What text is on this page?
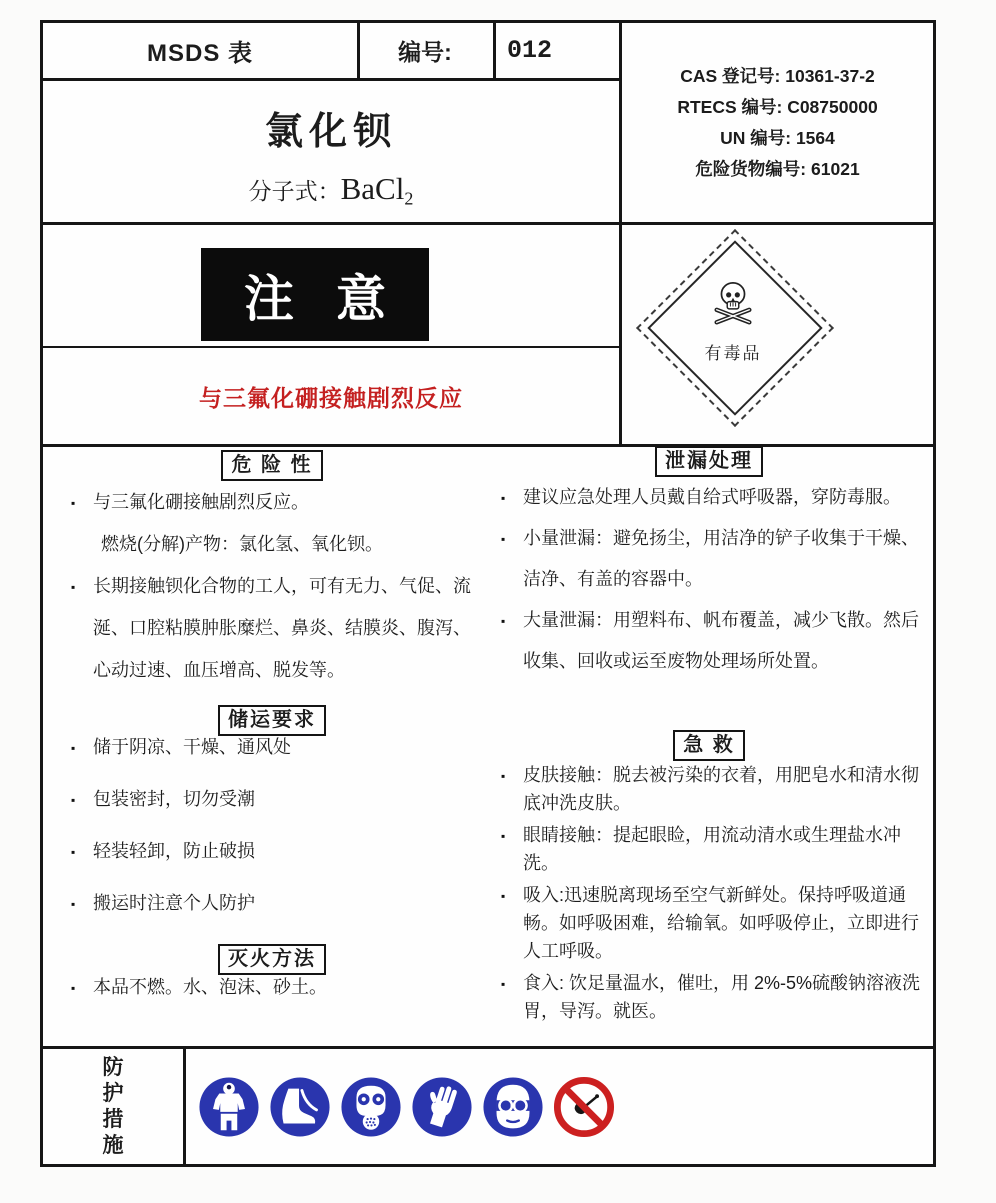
MSDS 表	编号:	012
CAS 登记号: 10361-37-2
RTECS 编号: C08750000
UN 编号: 1564
危险货物编号: 61021
氯化钡
分子式：BaCl$_2$
注 意
与三氟化硼接触剧烈反应
有毒品
危 险 性
▪ 与三氟化硼接触剧烈反应。
燃烧(分解)产物：氯化氢、氧化钡。
▪ 长期接触钡化合物的工人，可有无力、气促、流涎、口腔粘膜肿胀糜烂、鼻炎、结膜炎、腹泻、心动过速、血压增高、脱发等。
储运要求
▪ 储于阴凉、干燥、通风处
▪ 包装密封，切勿受潮
▪ 轻装轻卸，防止破损
▪ 搬运时注意个人防护
灭火方法
▪ 本品不燃。水、泡沫、砂土。
泄漏处理
▪ 建议应急处理人员戴自给式呼吸器，穿防毒服。
▪ 小量泄漏：避免扬尘，用洁净的铲子收集于干燥、洁净、有盖的容器中。
▪ 大量泄漏：用塑料布、帆布覆盖，减少飞散。然后收集、回收或运至废物处理场所处置。
急 救
▪ 皮肤接触：脱去被污染的衣着，用肥皂水和清水彻底冲洗皮肤。
▪ 眼睛接触：提起眼睑，用流动清水或生理盐水冲洗。
▪ 吸入:迅速脱离现场至空气新鲜处。保持呼吸道通畅。如呼吸困难，给输氧。如呼吸停止，立即进行人工呼吸。
▪ 食入: 饮足量温水，催吐，用 2%-5%硫酸钠溶液洗胃，导泻。就医。
防护措施
